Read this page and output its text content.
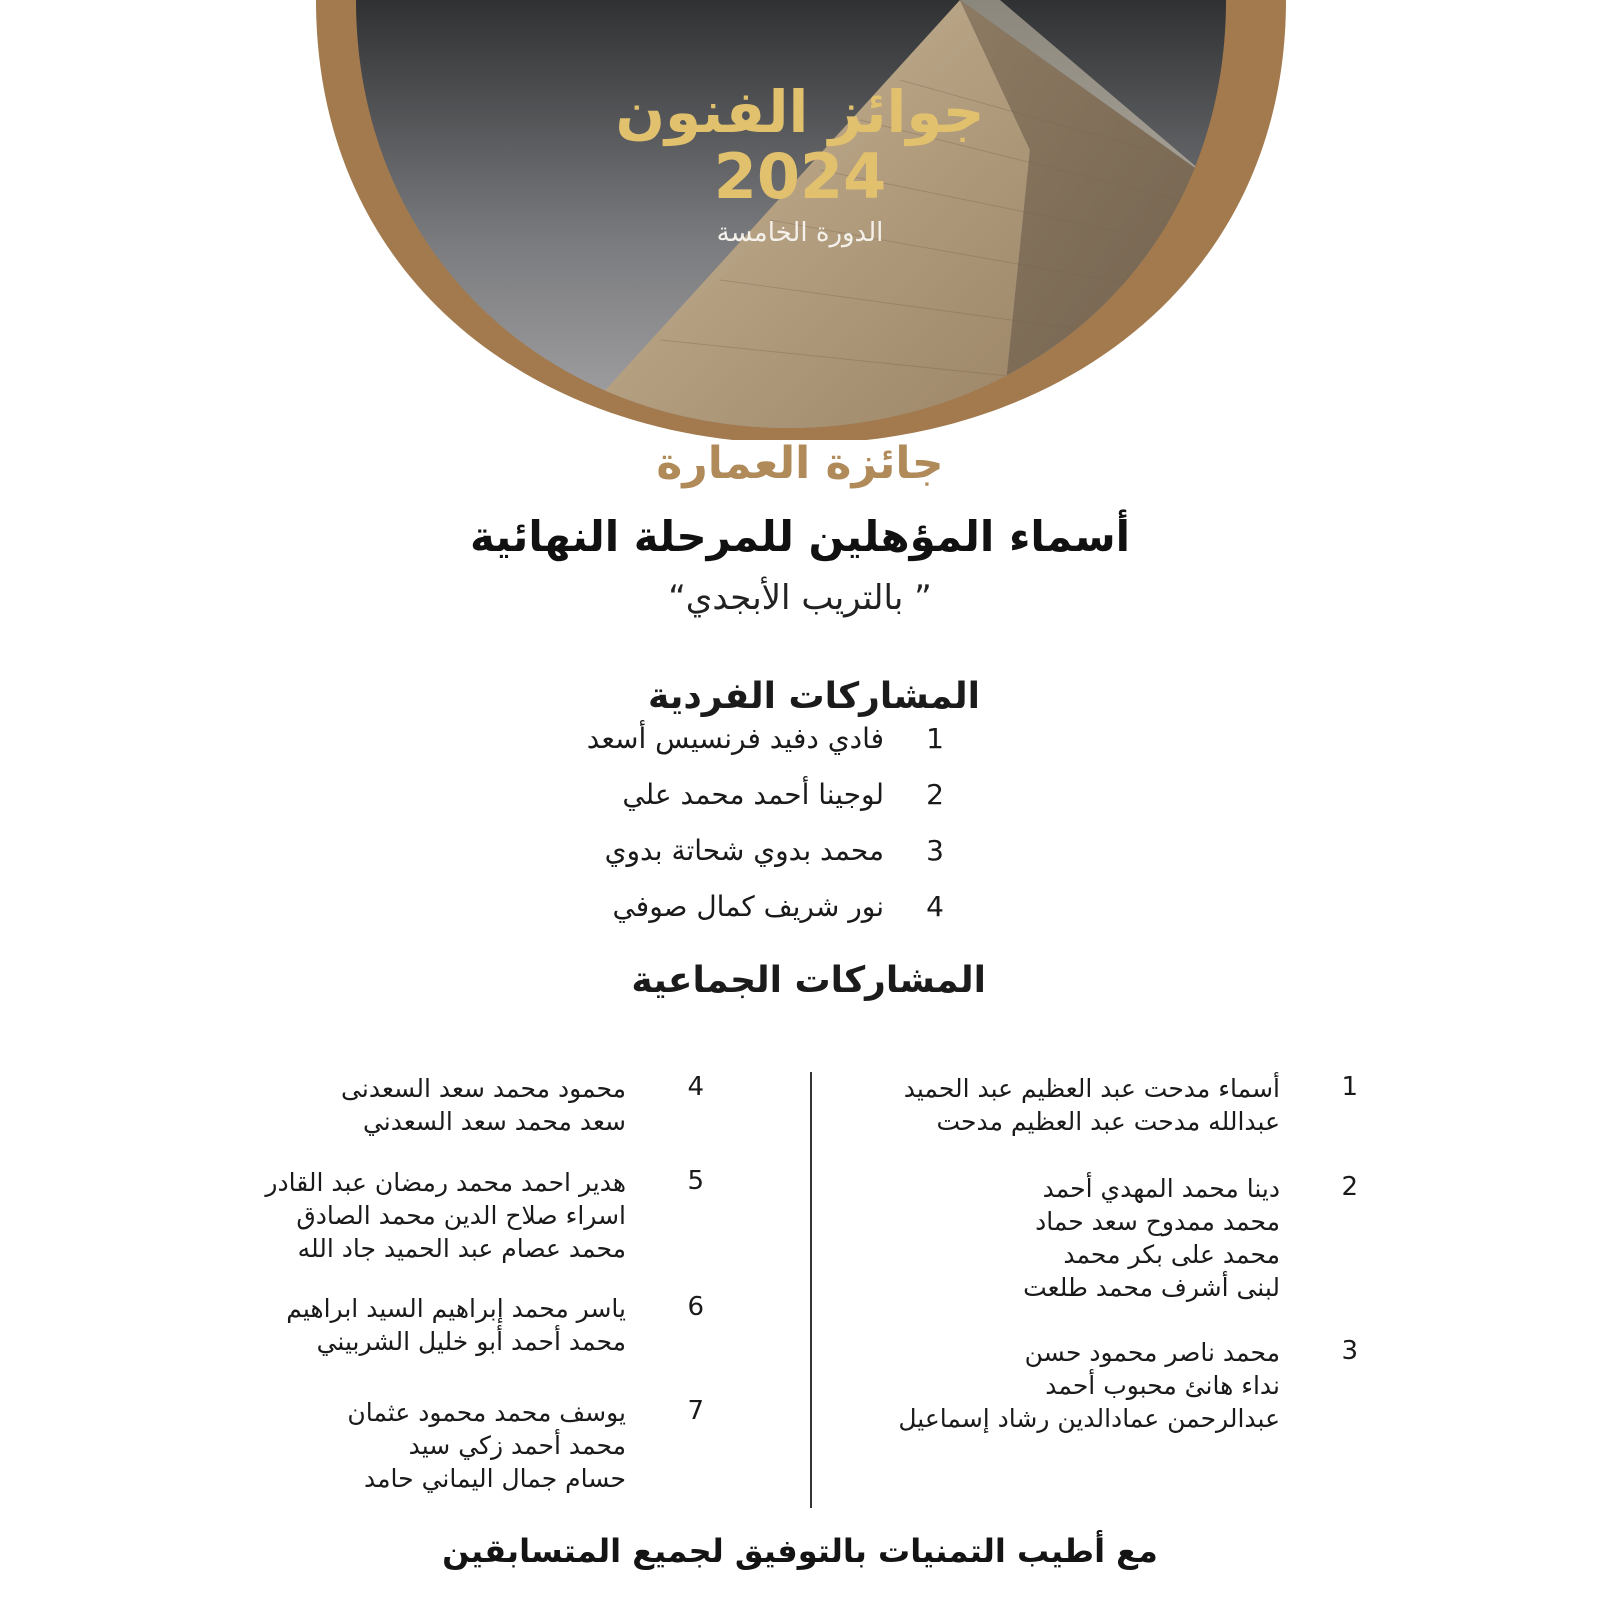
جوائز الفنون
2024
الدورة الخامسة
جائزة العمارة
أسماء المؤهلين للمرحلة النهائية
” بالتريب الأبجدي“
المشاركات الفردية
1فادي دفيد فرنسيس أسعد
2لوجينا أحمد محمد علي
3محمد بدوي شحاتة بدوي
4نور شريف كمال صوفي
المشاركات الجماعية
1
أسماء مدحت عبد العظيم عبد الحميد
عبدالله مدحت عبد العظيم مدحت
2
دينا محمد المهدي أحمد
محمد ممدوح سعد حماد
محمد على بكر محمد
لبنى أشرف محمد طلعت
3
محمد ناصر محمود حسن
نداء هانئ محبوب أحمد
عبدالرحمن عمادالدين رشاد إسماعيل
4
محمود محمد سعد السعدنى
سعد محمد سعد السعدني
5
هدير احمد محمد رمضان عبد القادر
اسراء صلاح الدين محمد الصادق
محمد عصام عبد الحميد جاد الله
6
ياسر محمد إبراهيم السيد ابراهيم
محمد أحمد أبو خليل الشربيني
7
يوسف محمد محمود عثمان
محمد أحمد زكي سيد
حسام جمال اليماني حامد
مع أطيب التمنيات بالتوفيق لجميع المتسابقين
